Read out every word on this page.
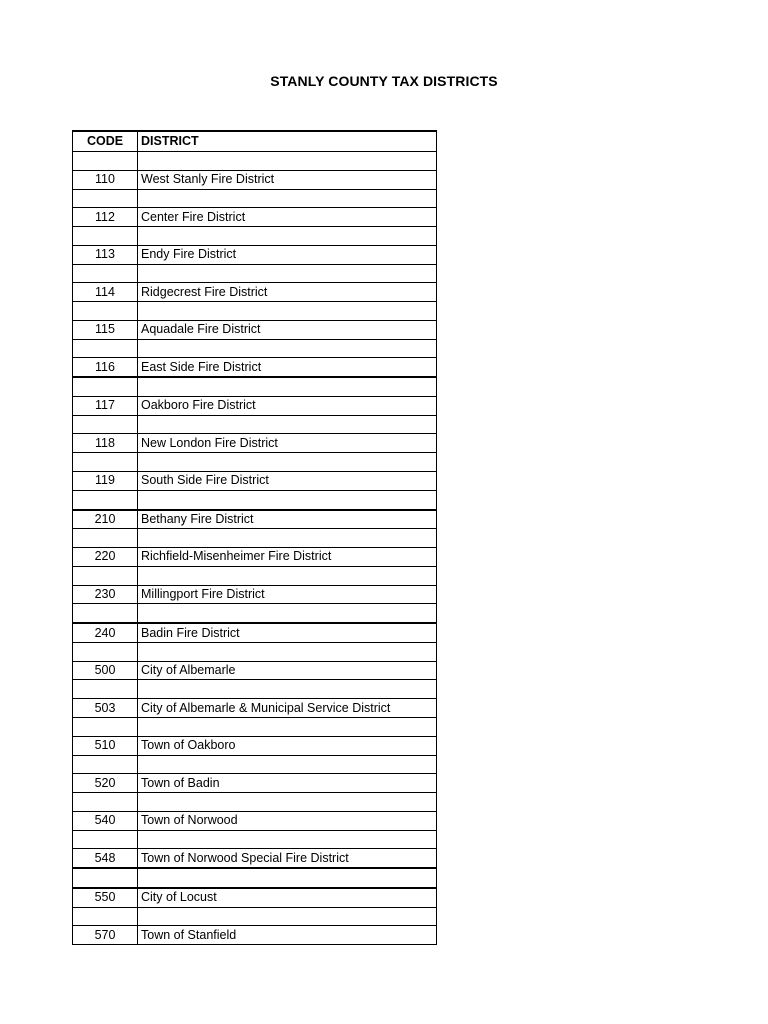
STANLY COUNTY TAX DISTRICTS
CODE	DISTRICT

110	West Stanly Fire District

112	Center Fire District

113	Endy Fire District

114	Ridgecrest Fire District

115	Aquadale Fire District

116	East Side Fire District

117	Oakboro Fire District

118	New London Fire District

119	South Side Fire District

210	Bethany Fire District

220	Richfield-Misenheimer Fire District

230	Millingport Fire District

240	Badin Fire District

500	City of Albemarle

503	City of Albemarle & Municipal Service District

510	Town of Oakboro

520	Town of Badin

540	Town of Norwood

548	Town of Norwood Special Fire District

550	City of Locust

570	Town of Stanfield
